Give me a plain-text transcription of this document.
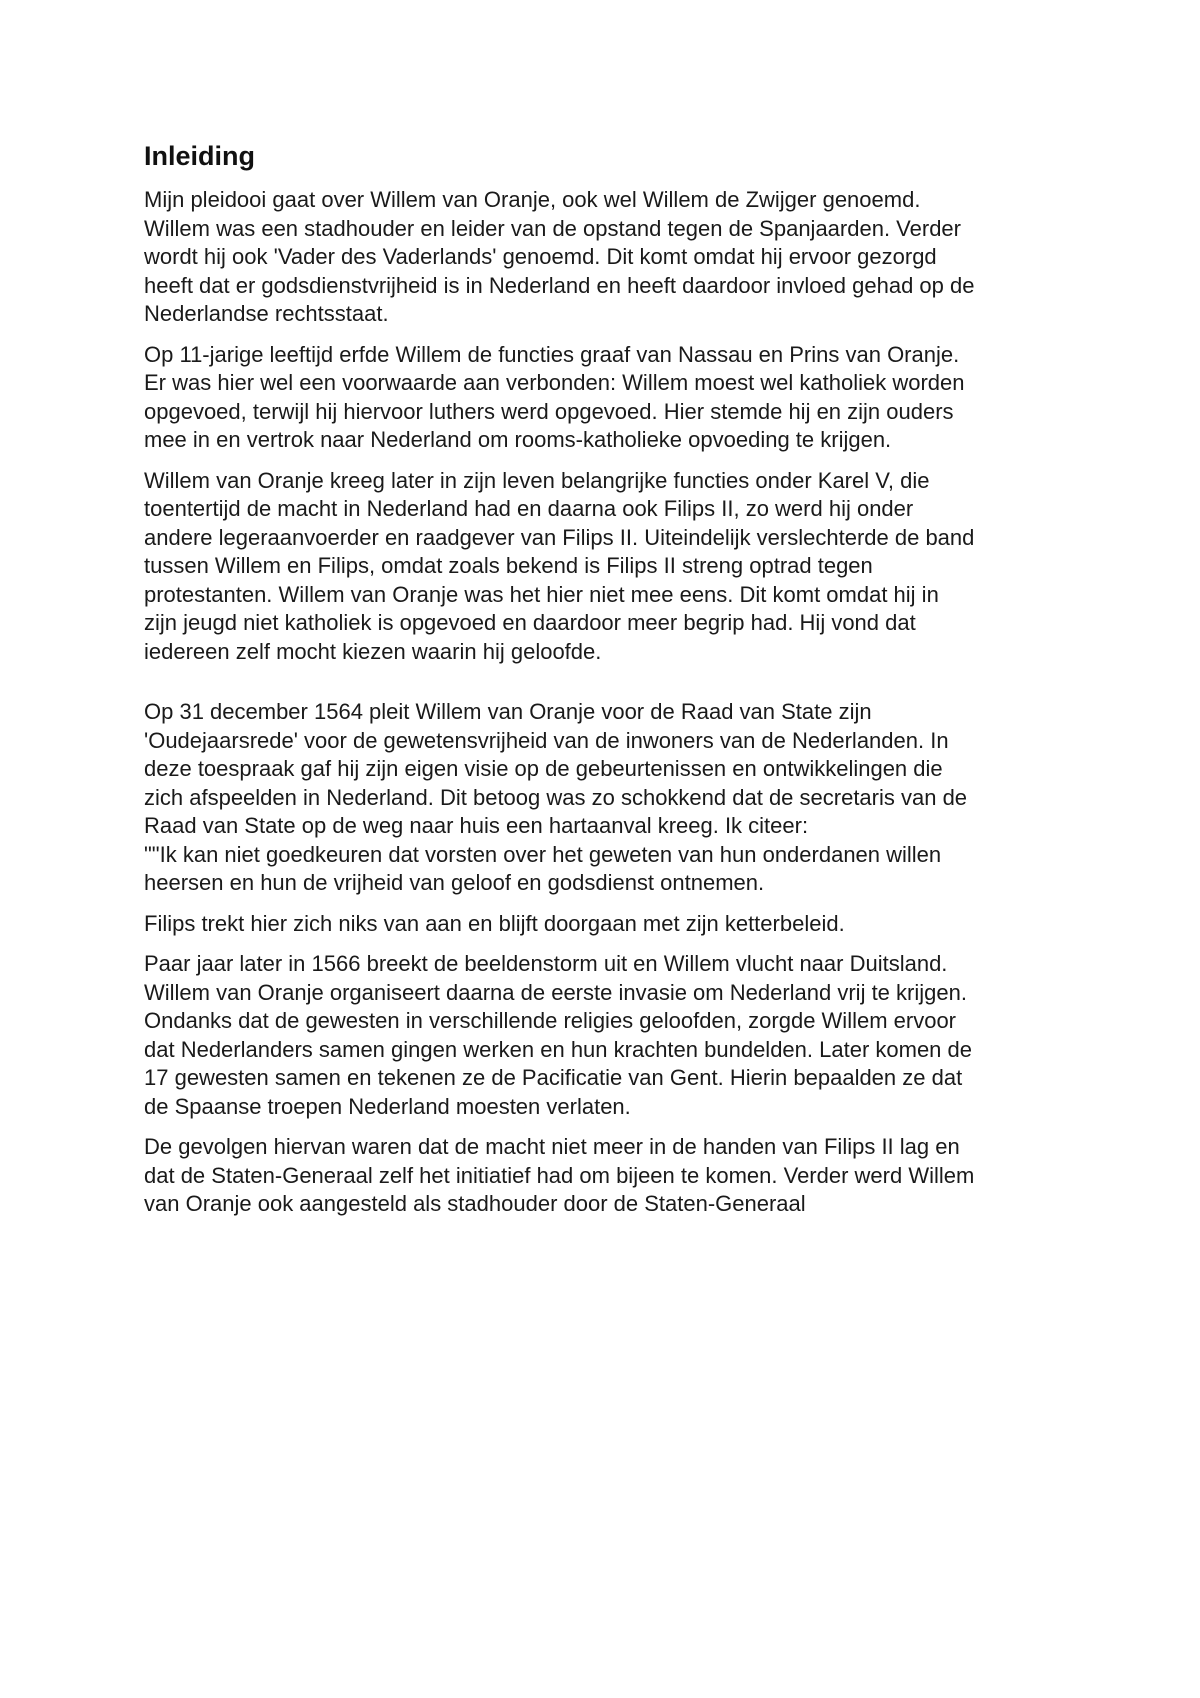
Inleiding

Mijn pleidooi gaat over Willem van Oranje, ook wel Willem de Zwijger genoemd.
Willem was een stadhouder en leider van de opstand tegen de Spanjaarden. Verder
wordt hij ook 'Vader des Vaderlands' genoemd. Dit komt omdat hij ervoor gezorgd
heeft dat er godsdienstvrijheid is in Nederland en heeft daardoor invloed gehad op de
Nederlandse rechtsstaat.

Op 11-jarige leeftijd erfde Willem de functies graaf van Nassau en Prins van Oranje.
Er was hier wel een voorwaarde aan verbonden: Willem moest wel katholiek worden
opgevoed, terwijl hij hiervoor luthers werd opgevoed. Hier stemde hij en zijn ouders
mee in en vertrok naar Nederland om rooms-katholieke opvoeding te krijgen.

Willem van Oranje kreeg later in zijn leven belangrijke functies onder Karel V, die
toentertijd de macht in Nederland had en daarna ook Filips II, zo werd hij onder
andere legeraanvoerder en raadgever van Filips II. Uiteindelijk verslechterde de band
tussen Willem en Filips, omdat zoals bekend is Filips II streng optrad tegen
protestanten. Willem van Oranje was het hier niet mee eens. Dit komt omdat hij in
zijn jeugd niet katholiek is opgevoed en daardoor meer begrip had. Hij vond dat
iedereen zelf mocht kiezen waarin hij geloofde.

Op 31 december 1564 pleit Willem van Oranje voor de Raad van State zijn
'Oudejaarsrede' voor de gewetensvrijheid van de inwoners van de Nederlanden. In
deze toespraak gaf hij zijn eigen visie op de gebeurtenissen en ontwikkelingen die
zich afspeelden in Nederland. Dit betoog was zo schokkend dat de secretaris van de
Raad van State op de weg naar huis een hartaanval kreeg. Ik citeer:
""Ik kan niet goedkeuren dat vorsten over het geweten van hun onderdanen willen
heersen en hun de vrijheid van geloof en godsdienst ontnemen.

Filips trekt hier zich niks van aan en blijft doorgaan met zijn ketterbeleid.

Paar jaar later in 1566 breekt de beeldenstorm uit en Willem vlucht naar Duitsland.
Willem van Oranje organiseert daarna de eerste invasie om Nederland vrij te krijgen.
Ondanks dat de gewesten in verschillende religies geloofden, zorgde Willem ervoor
dat Nederlanders samen gingen werken en hun krachten bundelden. Later komen de
17 gewesten samen en tekenen ze de Pacificatie van Gent. Hierin bepaalden ze dat
de Spaanse troepen Nederland moesten verlaten.

De gevolgen hiervan waren dat de macht niet meer in de handen van Filips II lag en
dat de Staten-Generaal zelf het initiatief had om bijeen te komen. Verder werd Willem
van Oranje ook aangesteld als stadhouder door de Staten-Generaal
